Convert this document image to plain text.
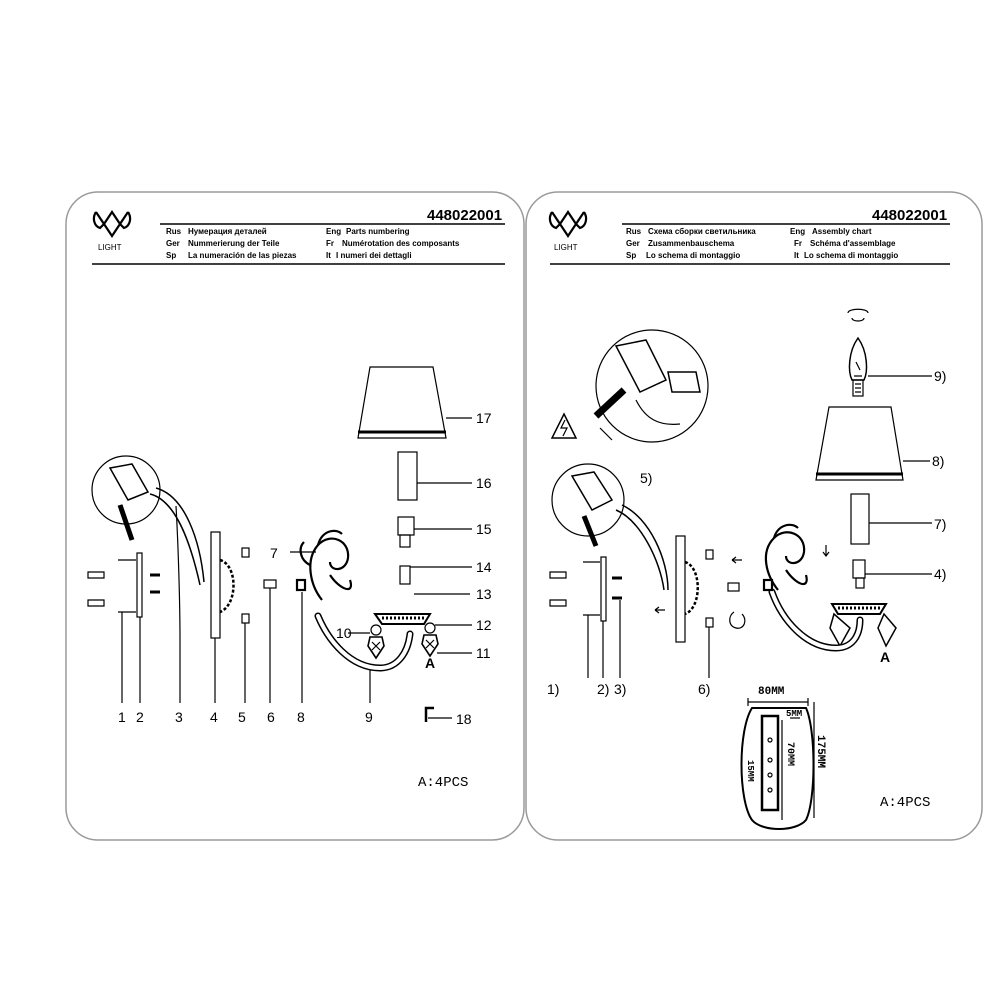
LIGHT
448022001
Rus Нумерация деталей	Eng Parts numbering
Ger Nummerierung der Teile	Fr Numérotation des composants
Sp La numeración de las piezas	It I numeri dei dettagli
17
16
15
14
13
12
11
10
7
18
A
1 2 3 4 5 6 8	9
A:4PCS
LIGHT
448022001
Rus Схема сборки светильника	Eng Assembly chart
Ger Zusammenbauschema	Fr Schéma d'assemblage
Sp Lo schema di montaggio	It Lo schema di montaggio
9)
8)
7)
4)
5)
1)	2) 3)	6)
A
80MM
5MM
70MM 175MM
15MM
A:4PCS
